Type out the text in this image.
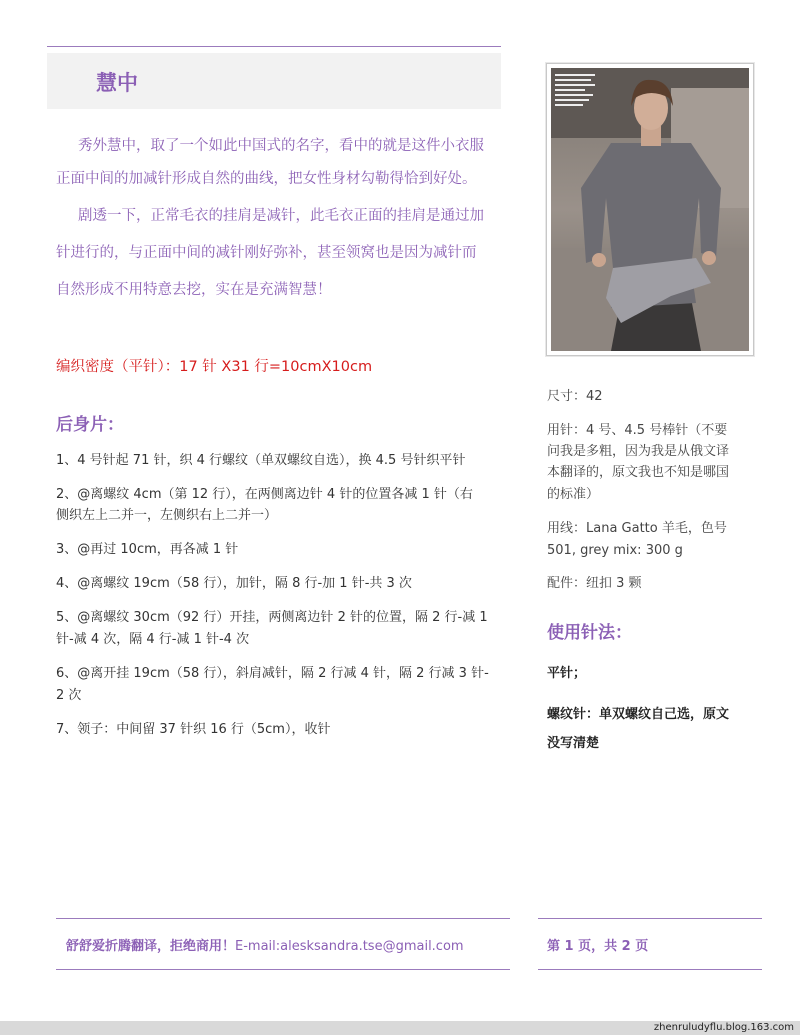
慧中
秀外慧中，取了一个如此中国式的名字，看中的就是这件小衣服
正面中间的加减针形成自然的曲线，把女性身材勾勒得恰到好处。
剧透一下，正常毛衣的挂肩是减针，此毛衣正面的挂肩是通过加
针进行的，与正面中间的减针刚好弥补，甚至领窝也是因为减针而
自然形成不用特意去挖，实在是充满智慧！
编织密度（平针）：17 针 X31 行=10cmX10cm
后身片：
1、4 号针起 71 针，织 4 行螺纹（单双螺纹自选），换 4.5 号针织平针
2、@离螺纹 4cm（第 12 行），在两侧离边针 4 针的位置各减 1 针（右
侧织左上二并一，左侧织右上二并一）
3、@再过 10cm，再各减 1 针
4、@离螺纹 19cm（58 行），加针，隔 8 行-加 1 针-共 3 次
5、@离螺纹 30cm（92 行）开挂，两侧离边针 2 针的位置，隔 2 行-减 1
针-减 4 次，隔 4 行-减 1 针-4 次
6、@离开挂 19cm（58 行），斜肩减针，隔 2 行减 4 针，隔 2 行减 3 针-
2 次
7、领子：中间留 37 针织 16 行（5cm），收针
尺寸：42
用针：4 号、4.5 号棒针（不要
问我是多粗，因为我是从俄文译
本翻译的，原文我也不知是哪国
的标准）
用线：Lana Gatto 羊毛，色号
501, grey mix: 300 g
配件：纽扣 3 颗
使用针法：
平针；
螺纹针：单双螺纹自己选，原文
没写清楚
舒舒爱折腾翻译，拒绝商用！E-mail:alesksandra.tse@gmail.com	第 1 页，共 2 页
zhenruludyflu.blog.163.com
